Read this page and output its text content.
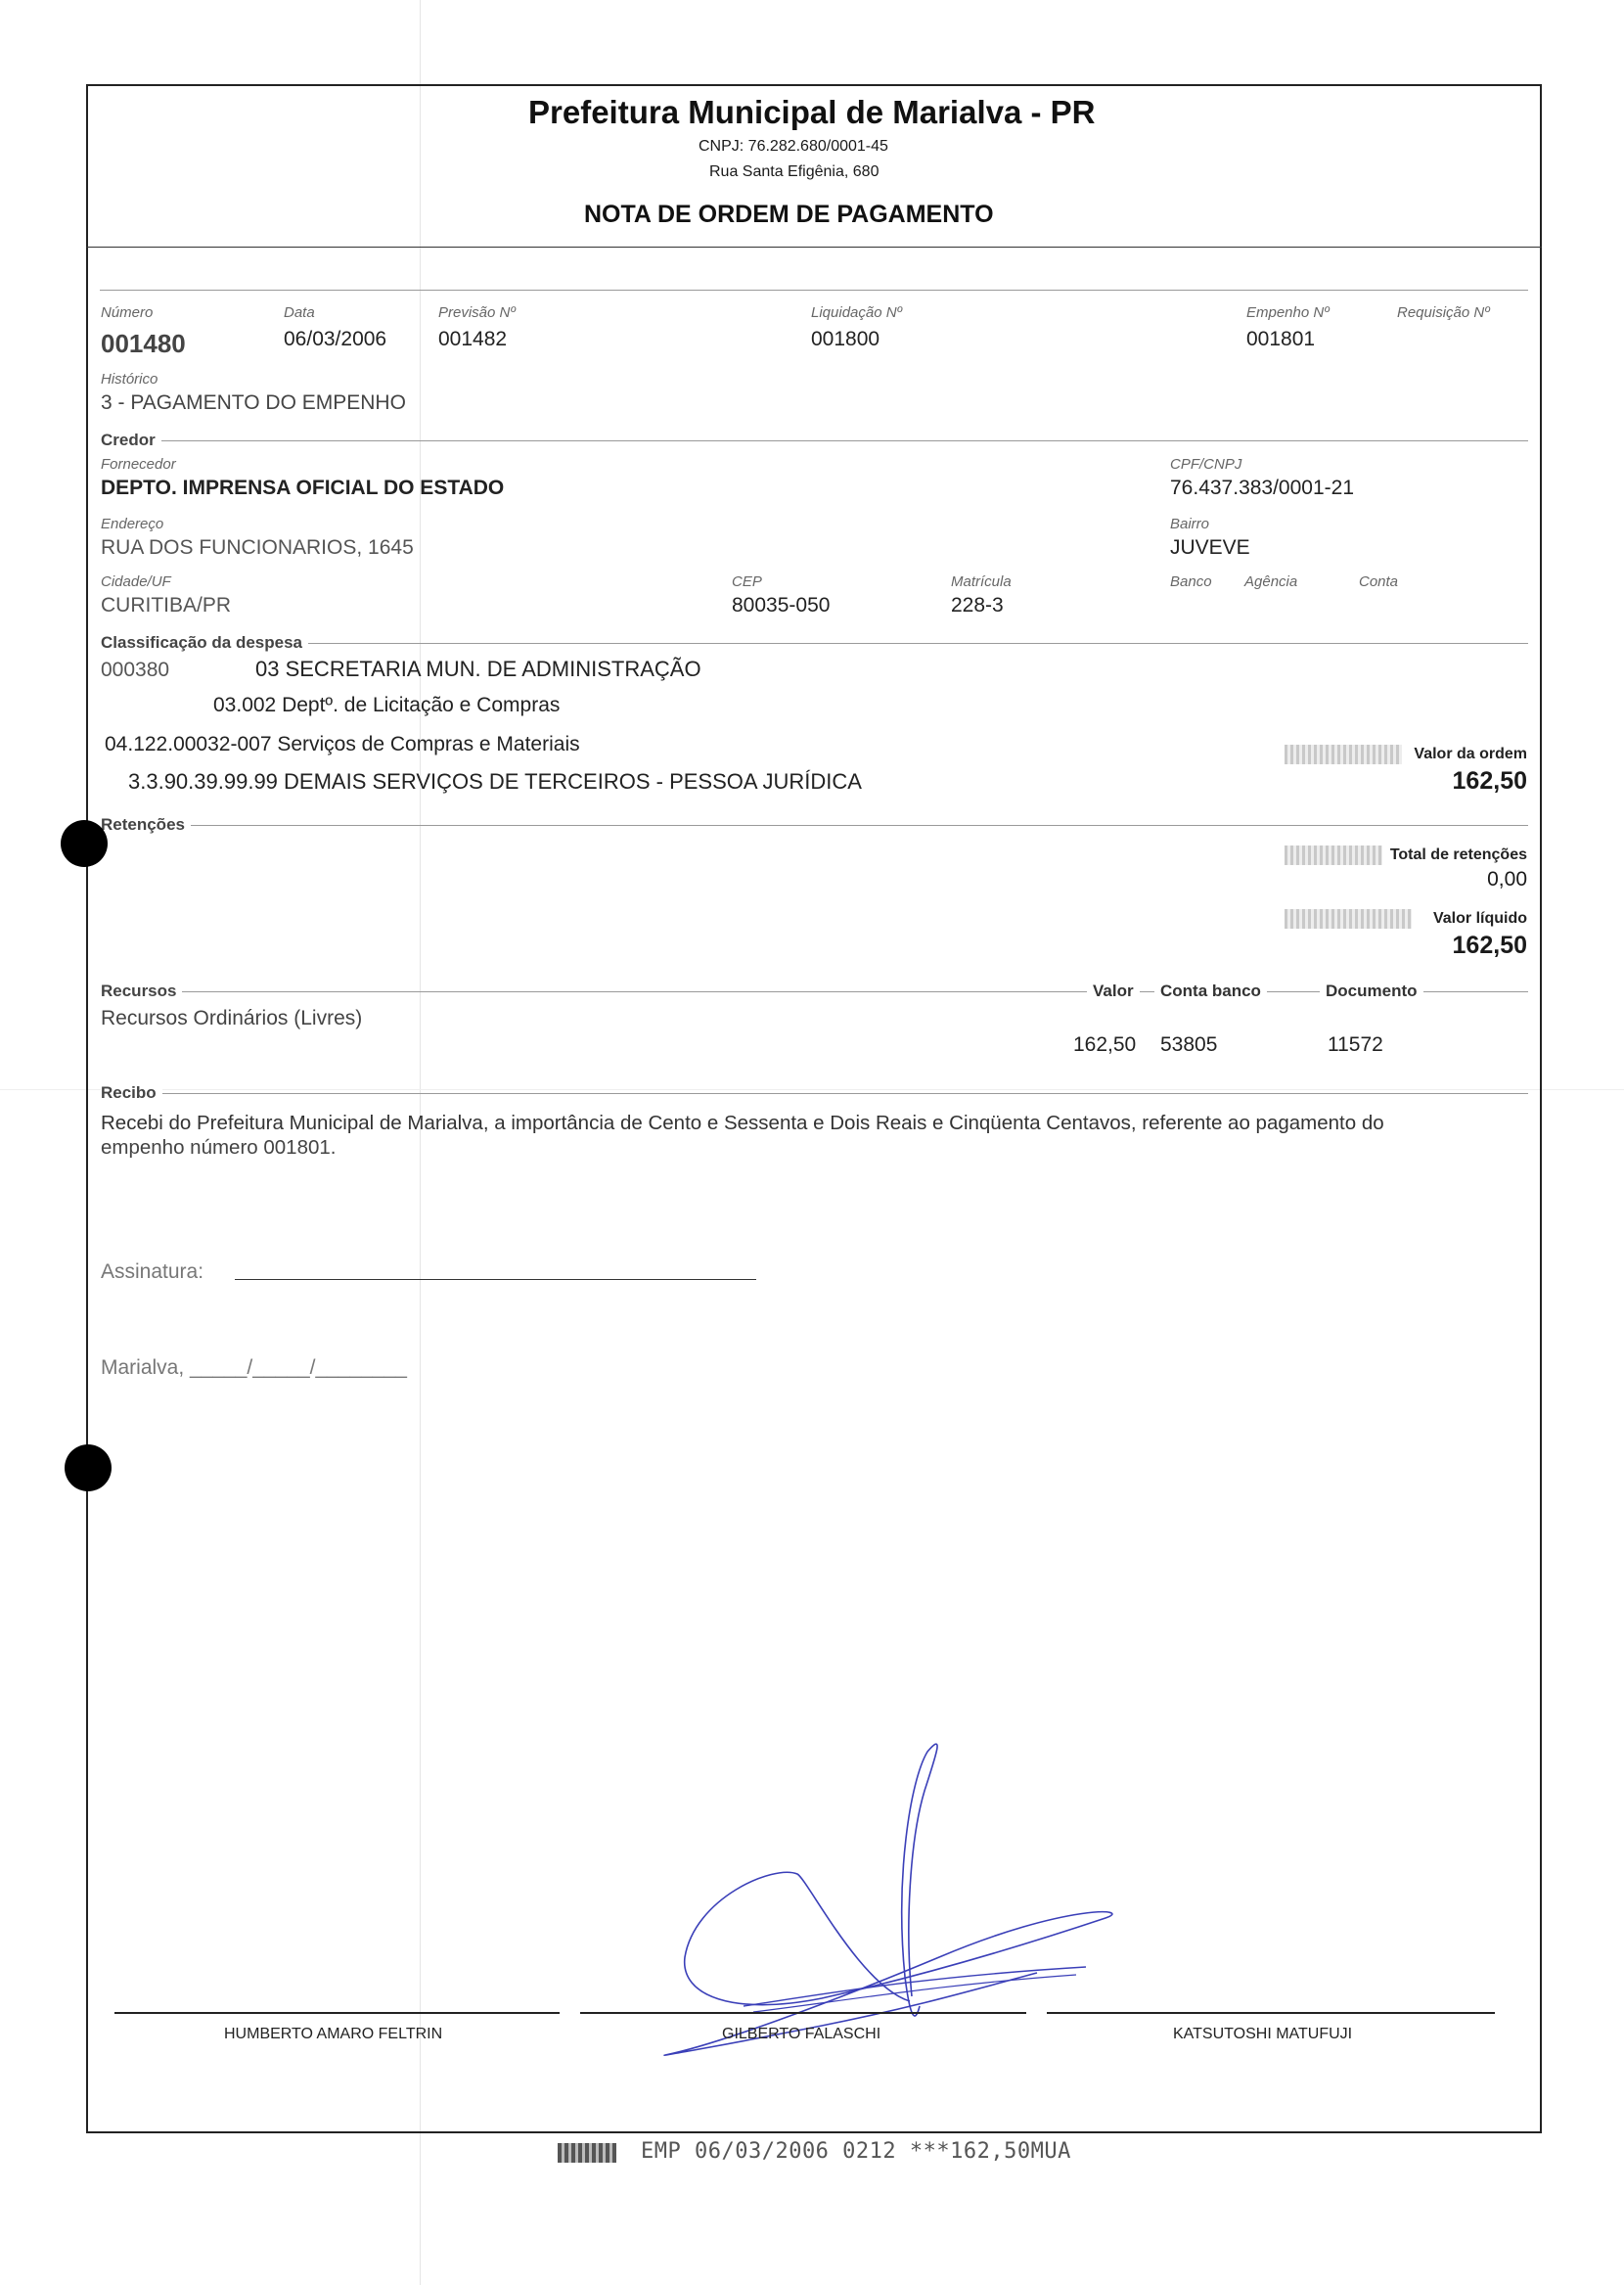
Prefeitura Municipal de Marialva - PR
CNPJ: 76.282.680/0001-45
Rua Santa Efigênia, 680
NOTA DE ORDEM DE PAGAMENTO
Número
001480
Data
06/03/2006
Previsão Nº
001482
Liquidação Nº
001800
Empenho Nº
001801
Requisição Nº
Histórico
3 - PAGAMENTO DO EMPENHO
Credor
Fornecedor
DEPTO. IMPRENSA OFICIAL DO ESTADO
CPF/CNPJ
76.437.383/0001-21
Endereço
RUA DOS FUNCIONARIOS, 1645
Bairro
JUVEVE
Cidade/UF
CURITIBA/PR
CEP
80035-050
Matrícula
228-3
Banco Agência	Conta
Classificação da despesa
000380	03 SECRETARIA MUN. DE ADMINISTRAÇÃO
03.002 Deptº. de Licitação e Compras
04.122.00032-007 Serviços de Compras e Materiais
3.3.90.39.99.99 DEMAIS SERVIÇOS DE TERCEIROS - PESSOA JURÍDICA
Valor da ordem
162,50
Retenções
Total de retenções
0,00
Valor líquido
162,50
Recursos	Valor	Conta banco	Documento
Recursos Ordinários (Livres)
162,50 53805	11572
Recibo
Recebi do Prefeitura Municipal de Marialva, a importância de Cento e Sessenta e Dois Reais e Cinqüenta Centavos, referente ao pagamento do
empenho número 001801.
Assinatura:
Marialva, _____/_____/________
HUMBERTO AMARO FELTRIN	GILBERTO FALASCHI	KATSUTOSHI MATUFUJI
EMP 06/03/2006 0212 ***162,50MUA
